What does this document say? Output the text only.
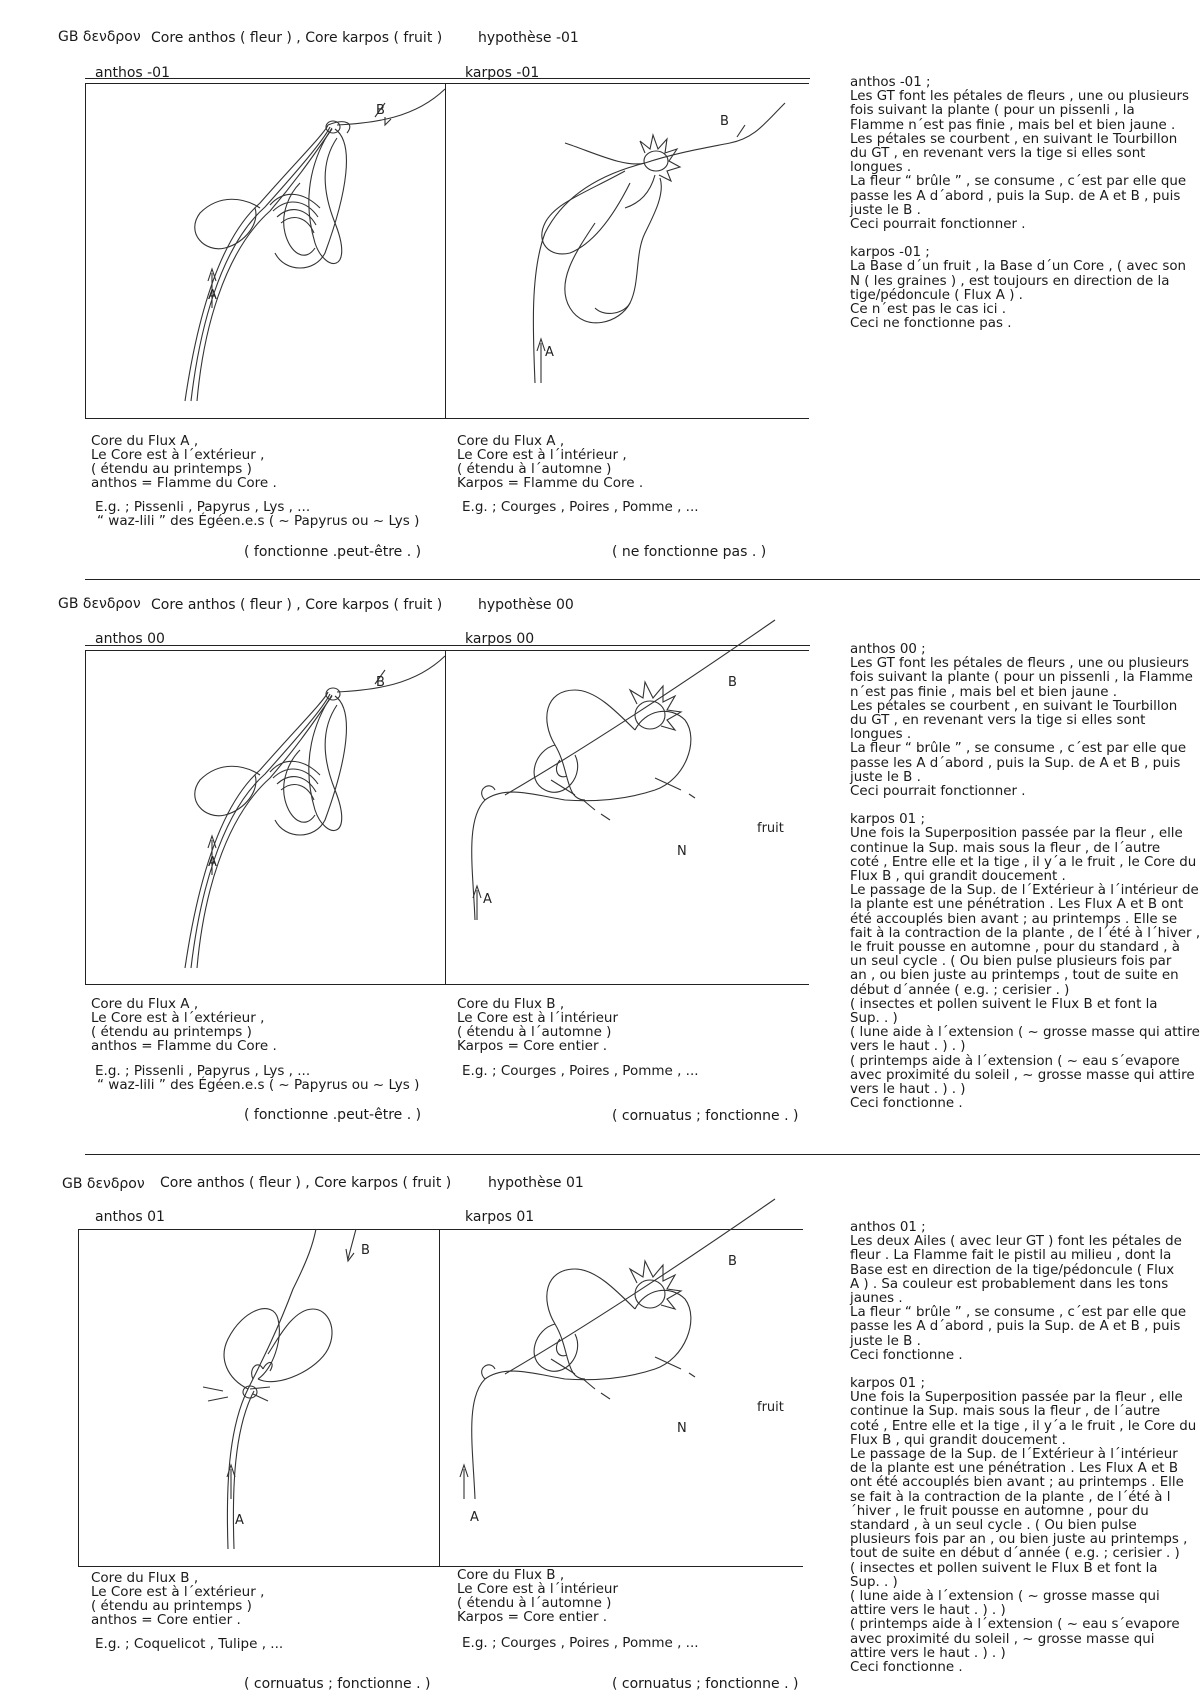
GB δενδρον Core anthos ( fleur ) , Core karpos ( fruit )	hypothèse -01
anthos -01	karpos -01
A
B
A
B
Core du Flux A ,
Le Core est à l´extérieur ,
( étendu au printemps )
anthos = Flamme du Core .
E.g. ; Pissenli , Papyrus , Lys , ...
“ waz-lili ” des Égéen.e.s ( ~ Papyrus ou ~ Lys )
( fonctionne .peut-être . )
Core du Flux A ,
Le Core est à l´intérieur ,
( étendu à l´automne )
Karpos = Flamme du Core .
E.g. ; Courges , Poires , Pomme , ...
( ne fonctionne pas . )
anthos -01 ;
Les GT font les pétales de fleurs , une ou plusieurs
fois suivant la plante ( pour un pissenli , la
Flamme n´est pas finie , mais bel et bien jaune .
Les pétales se courbent , en suivant le Tourbillon
du GT , en revenant vers la tige si elles sont
longues .
La fleur “ brûle ” , se consume , c´est par elle que
passe les A d´abord , puis la Sup. de A et B , puis
juste le B .
Ceci pourrait fonctionner .
karpos -01 ;
La Base d´un fruit , la Base d´un Core , ( avec son
N ( les graines ) , est toujours en direction de la
tige/pédoncule ( Flux A ) .
Ce n´est pas le cas ici .
Ceci ne fonctionne pas .
GB δενδρον Core anthos ( fleur ) , Core karpos ( fruit )	hypothèse 00
anthos 00	karpos 00
A
B
A
B
fruit
N
Core du Flux A ,
Le Core est à l´extérieur ,
( étendu au printemps )
anthos = Flamme du Core .
E.g. ; Pissenli , Papyrus , Lys , ...
“ waz-lili ” des Égéen.e.s ( ~ Papyrus ou ~ Lys )
( fonctionne .peut-être . )
Core du Flux B ,
Le Core est à l´intérieur
( étendu à l´automne )
Karpos = Core entier .
E.g. ; Courges , Poires , Pomme , ...
( cornuatus ; fonctionne . )
anthos 00 ;
Les GT font les pétales de fleurs , une ou plusieurs
fois suivant la plante ( pour un pissenli , la Flamme
n´est pas finie , mais bel et bien jaune .
Les pétales se courbent , en suivant le Tourbillon
du GT , en revenant vers la tige si elles sont
longues .
La fleur “ brûle ” , se consume , c´est par elle que
passe les A d´abord , puis la Sup. de A et B , puis
juste le B .
Ceci pourrait fonctionner .
karpos 01 ;
Une fois la Superposition passée par la fleur , elle
continue la Sup. mais sous la fleur , de l´autre
coté , Entre elle et la tige , il y´a le fruit , le Core du
Flux B , qui grandit doucement .
Le passage de la Sup. de l´Extérieur à l´intérieur de
la plante est une pénétration . Les Flux A et B ont
été accouplés bien avant ; au printemps . Elle se
fait à la contraction de la plante , de l´été à l´hiver ,
le fruit pousse en automne , pour du standard , à
un seul cycle . ( Ou bien pulse plusieurs fois par
an , ou bien juste au printemps , tout de suite en
début d´année ( e.g. ; cerisier . )
( insectes et pollen suivent le Flux B et font la
Sup. . )
( lune aide à l´extension ( ~ grosse masse qui attire
vers le haut . ) . )
( printemps aide à l´extension ( ~ eau s´evapore
avec proximité du soleil , ~ grosse masse qui attire
vers le haut . ) . )
Ceci fonctionne .
GB δενδρον Core anthos ( fleur ) , Core karpos ( fruit )	hypothèse 01
anthos 01	karpos 01
A
B
A
B
fruit
N
Core du Flux B ,
Le Core est à l´extérieur ,
( étendu au printemps )
anthos = Core entier .
E.g. ; Coquelicot , Tulipe , ...
( cornuatus ; fonctionne . )
Core du Flux B ,
Le Core est à l´intérieur
( étendu à l´automne )
Karpos = Core entier .
E.g. ; Courges , Poires , Pomme , ...
( cornuatus ; fonctionne . )
anthos 01 ;
Les deux Ailes ( avec leur GT ) font les pétales de
fleur . La Flamme fait le pistil au milieu , dont la
Base est en direction de la tige/pédoncule ( Flux
A ) . Sa couleur est probablement dans les tons
jaunes .
La fleur “ brûle ” , se consume , c´est par elle que
passe les A d´abord , puis la Sup. de A et B , puis
juste le B .
Ceci fonctionne .
karpos 01 ;
Une fois la Superposition passée par la fleur , elle
continue la Sup. mais sous la fleur , de l´autre
coté , Entre elle et la tige , il y´a le fruit , le Core du
Flux B , qui grandit doucement .
Le passage de la Sup. de l´Extérieur à l´intérieur
de la plante est une pénétration . Les Flux A et B
ont été accouplés bien avant ; au printemps . Elle
se fait à la contraction de la plante , de l´été à l
´hiver , le fruit pousse en automne , pour du
standard , à un seul cycle . ( Ou bien pulse
plusieurs fois par an , ou bien juste au printemps ,
tout de suite en début d´année ( e.g. ; cerisier . )
( insectes et pollen suivent le Flux B et font la
Sup. . )
( lune aide à l´extension ( ~ grosse masse qui
attire vers le haut . ) . )
( printemps aide à l´extension ( ~ eau s´evapore
avec proximité du soleil , ~ grosse masse qui
attire vers le haut . ) . )
Ceci fonctionne .
